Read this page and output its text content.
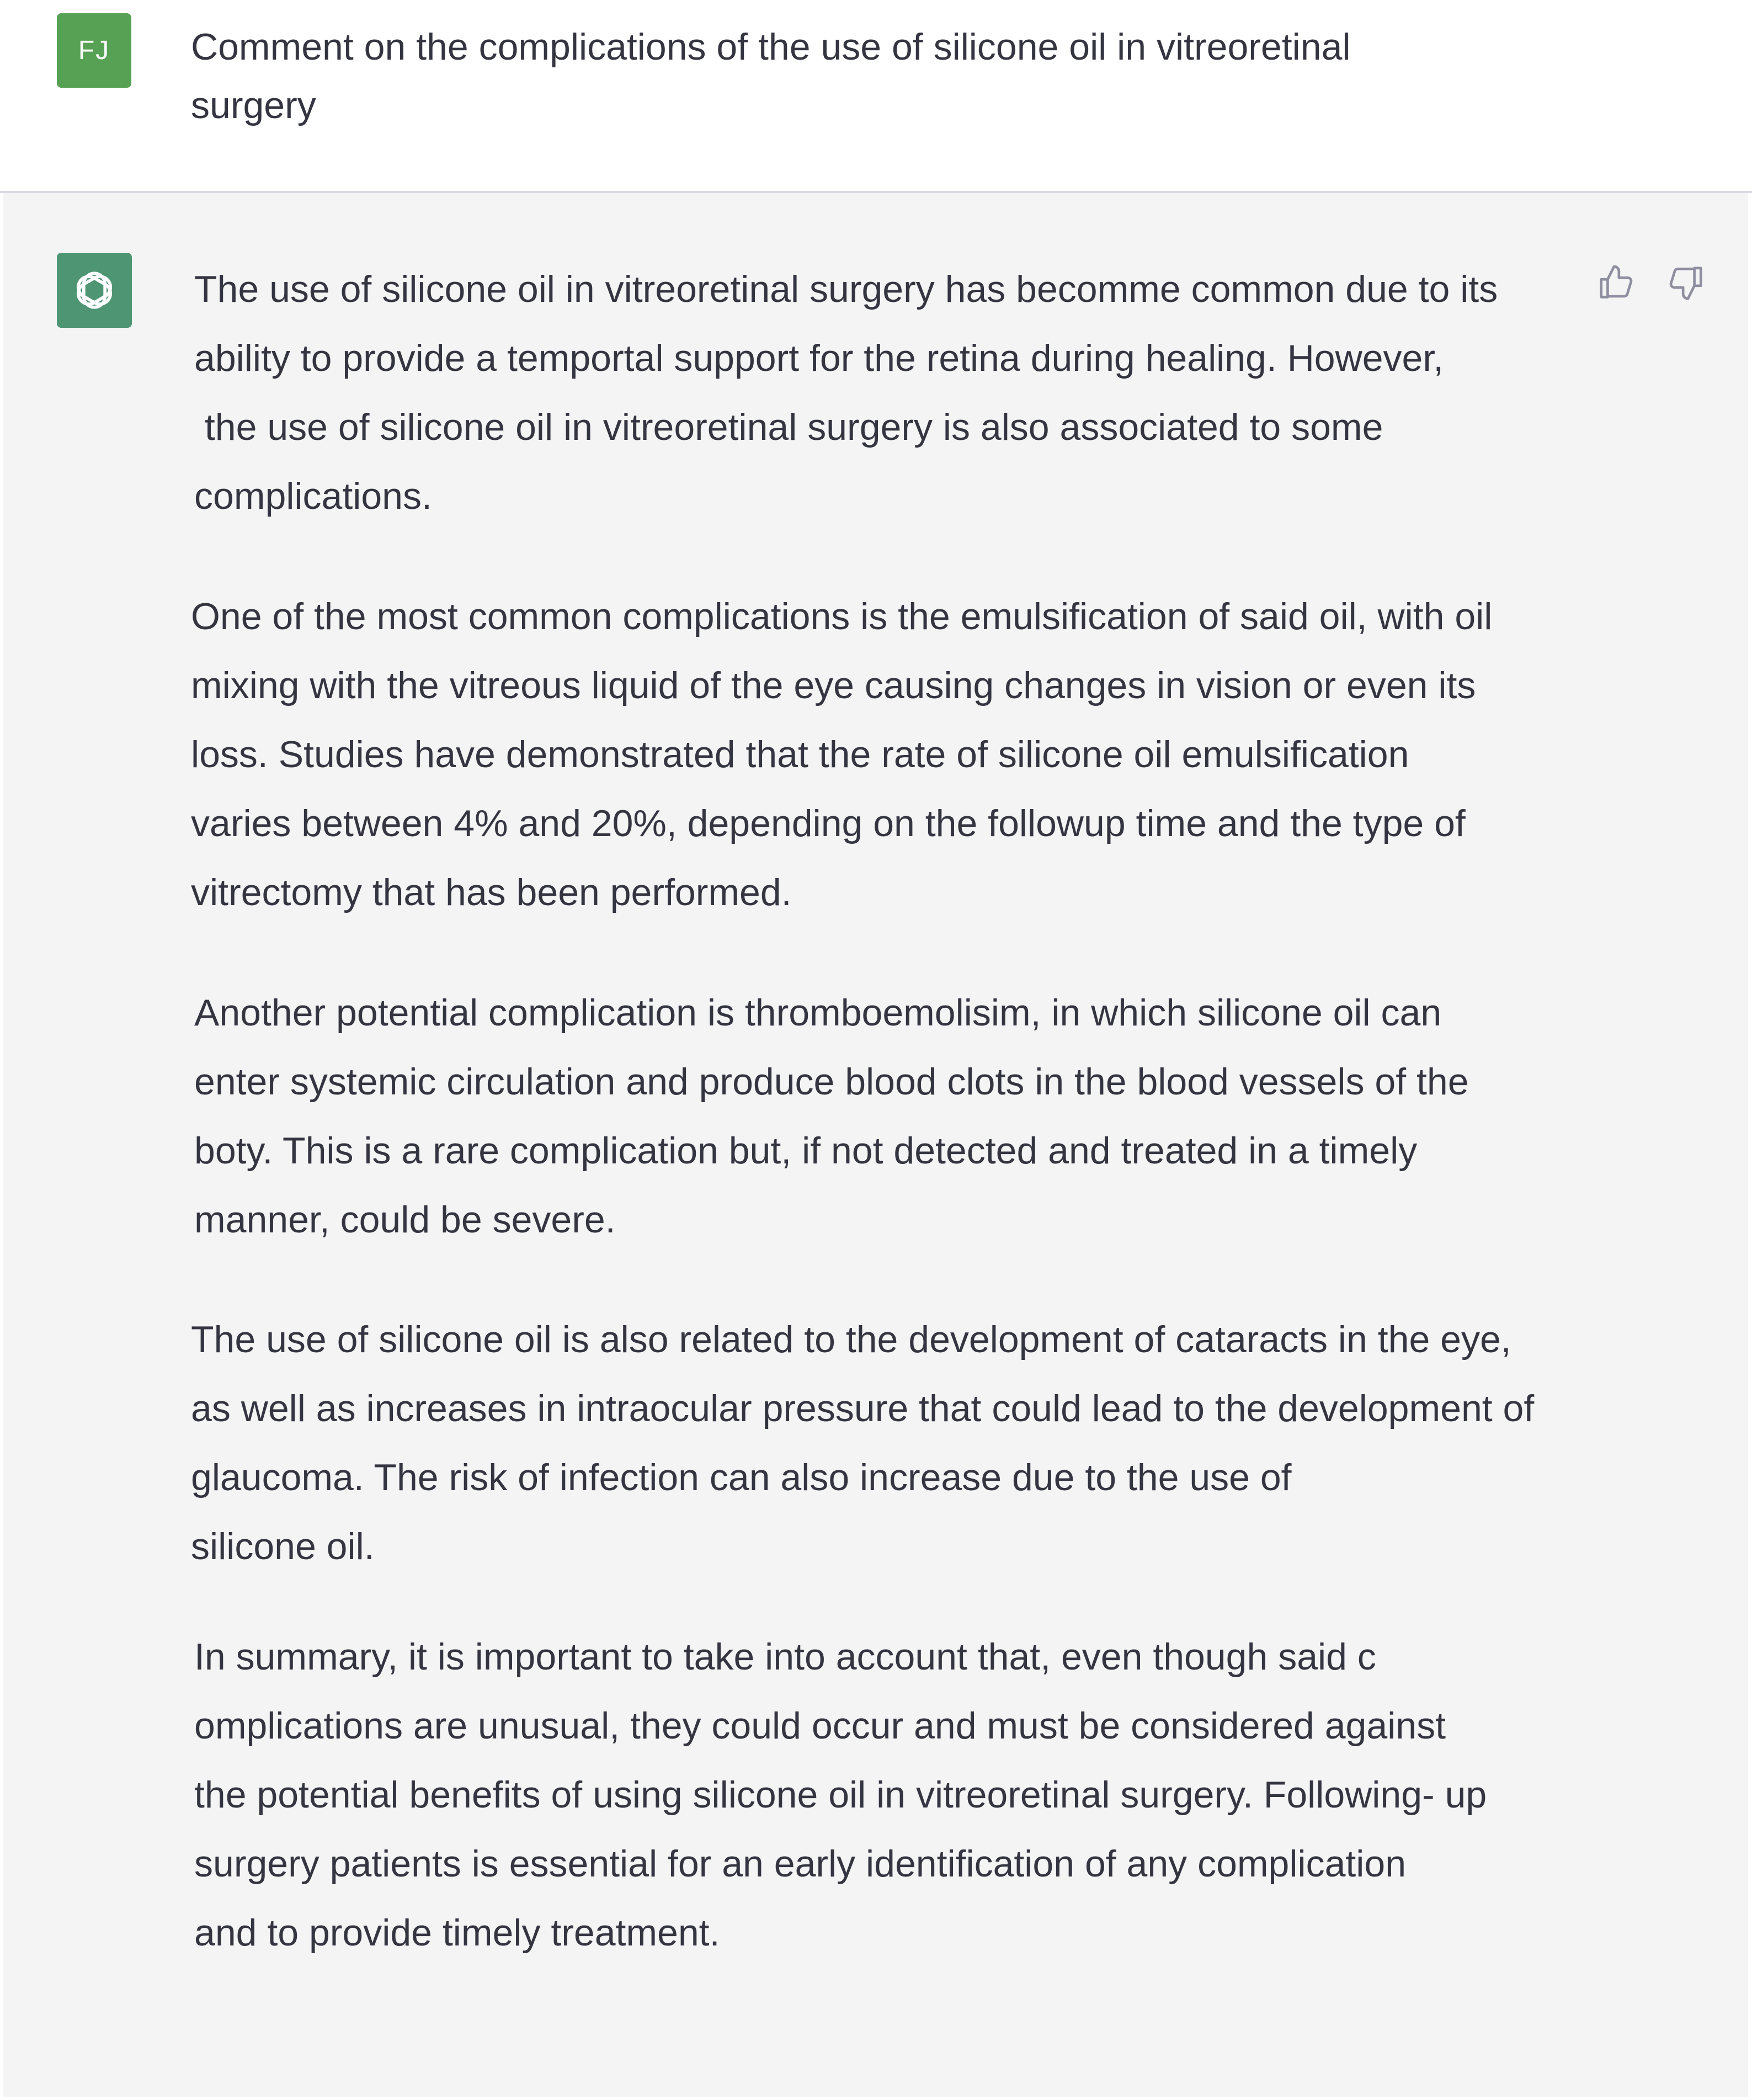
FJ Comment on the complications of the use of silicone oil in vitreoretinal
surgery

The use of silicone oil in vitreoretinal surgery has becomme common due to its
ability to provide a temportal support for the retina during healing. However,
the use of silicone oil in vitreoretinal surgery is also associated to some
complications.

One of the most common complications is the emulsification of said oil, with oil
mixing with the vitreous liquid of the eye causing changes in vision or even its
loss. Studies have demonstrated that the rate of silicone oil emulsification
varies between 4% and 20%, depending on the followup time and the type of
vitrectomy that has been performed.

Another potential complication is thromboemolisim, in which silicone oil can
enter systemic circulation and produce blood clots in the blood vessels of the
boty. This is a rare complication but, if not detected and treated in a timely
manner, could be severe.

The use of silicone oil is also related to the development of cataracts in the eye,
as well as increases in intraocular pressure that could lead to the development of
glaucoma. The risk of infection can also increase due to the use of
silicone oil.

In summary, it is important to take into account that, even though said c
omplications are unusual, they could occur and must be considered against
the potential benefits of using silicone oil in vitreoretinal surgery. Following- up
surgery patients is essential for an early identification of any complication
and to provide timely treatment.
